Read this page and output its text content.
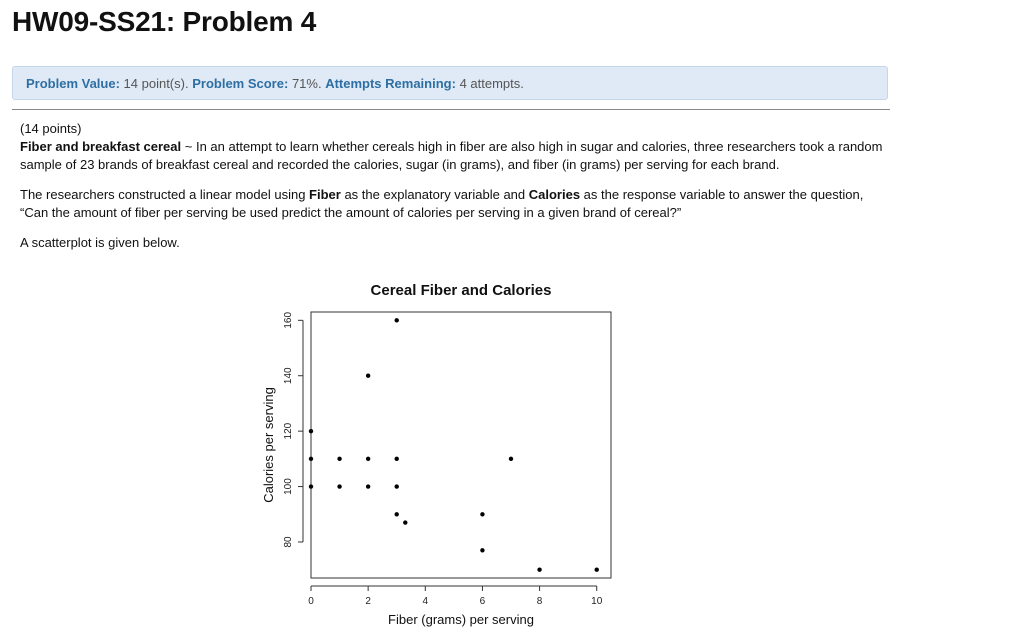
HW09-SS21: Problem 4
Problem Value: 14 point(s). Problem Score: 71%. Attempts Remaining: 4 attempts.

(14 points)

Fiber and breakfast cereal ~ In an attempt to learn whether cereals high in fiber are also high in sugar and calories, three researchers took a random sample of 23 brands of breakfast cereal and recorded the calories, sugar (in grams), and fiber (in grams) per serving for each brand.

The researchers constructed a linear model using Fiber as the explanatory variable and Calories as the response variable to answer the question, “Can the amount of fiber per serving be used predict the amount of calories per serving in a given brand of cereal?”

A scatterplot is given below.

Cereal Fiber and Calories
0	2	4	6	8	10
80
100
120
140
160
Fiber (grams) per serving
Calories per serving
